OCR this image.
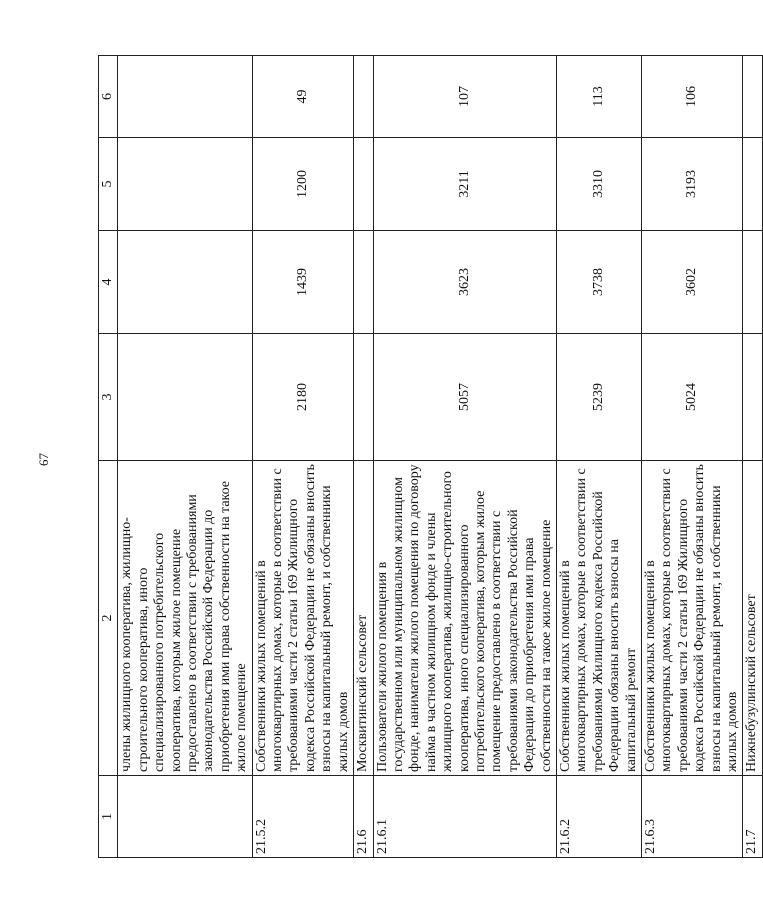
67
1	2	3	4	5	6
	члены жилищного кооператива, жилищно-строительного кооператива, иного специализированного потребительского кооператива, которым жилое помещение предоставлено в соответствии с требованиями законодательства Российской Федерации до приобретения ими права собственности на такое жилое помещение				
21.5.2	Собственники жилых помещений в многоквартирных домах, которые в соответствии с требованиями части 2 статьи 169 Жилищного кодекса Российской Федерации не обязаны вносить взносы на капитальный ремонт, и собственники жилых домов	2180	1439	1200	49
21.6	Москвитинский сельсовет				
21.6.1	Пользователи жилого помещения в государственном или муниципальном жилищном фонде, наниматели жилого помещения по договору найма в частном жилищном фонде и члены жилищного кооператива, жилищно-строительного кооператива, иного специализированного потребительского кооператива, которым жилое помещение предоставлено в соответствии с требованиями законодательства Российской Федерации до приобретения ими права собственности на такое жилое помещение	5057	3623	3211	107
21.6.2	Собственники жилых помещений в многоквартирных домах, которые в соответствии с требованиями Жилищного кодекса Российской Федерации обязаны вносить взносы на капитальный ремонт	5239	3738	3310	113
21.6.3	Собственники жилых помещений в многоквартирных домах, которые в соответствии с требованиями части 2 статьи 169 Жилищного кодекса Российской Федерации не обязаны вносить взносы на капитальный ремонт, и собственники жилых домов	5024	3602	3193	106
21.7	Нижнебузулинский сельсовет				
